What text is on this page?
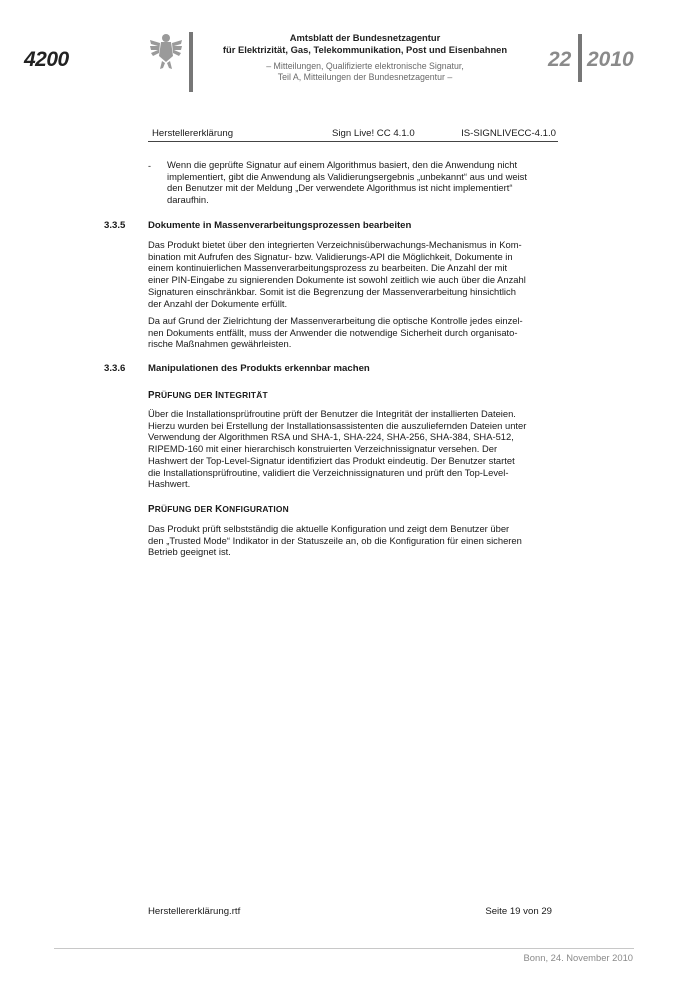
4200
Amtsblatt der Bundesnetzagentur
für Elektrizität, Gas, Telekommunikation, Post und Eisenbahnen
– Mitteilungen, Qualifizierte elektronische Signatur,
Teil A, Mitteilungen der Bundesnetzagentur –
22 2010
Herstellererklärung	Sign Live! CC 4.1.0	IS-SIGNLIVECC-4.1.0
- Wenn die geprüfte Signatur auf einem Algorithmus basiert, den die Anwendung nicht
implementiert, gibt die Anwendung als Validierungsergebnis „unbekannt“ aus und weist
den Benutzer mit der Meldung „Der verwendete Algorithmus ist nicht implementiert“
daraufhin.
3.3.5 Dokumente in Massenverarbeitungsprozessen bearbeiten
Das Produkt bietet über den integrierten Verzeichnisüberwachungs-Mechanismus in Kom-
bination mit Aufrufen des Signatur- bzw. Validierungs-API die Möglichkeit, Dokumente in
einem kontinuierlichen Massenverarbeitungsprozess zu bearbeiten. Die Anzahl der mit
einer PIN-Eingabe zu signierenden Dokumente ist sowohl zeitlich wie auch über die Anzahl
Signaturen einschränkbar. Somit ist die Begrenzung der Massenverarbeitung hinsichtlich
der Anzahl der Dokumente erfüllt.
Da auf Grund der Zielrichtung der Massenverarbeitung die optische Kontrolle jedes einzel-
nen Dokuments entfällt, muss der Anwender die notwendige Sicherheit durch organisato-
rische Maßnahmen gewährleisten.
3.3.6 Manipulationen des Produkts erkennbar machen
PRÜFUNG DER INTEGRITÄT
Über die Installationsprüfroutine prüft der Benutzer die Integrität der installierten Dateien.
Hierzu wurden bei Erstellung der Installationsassistenten die auszuliefernden Dateien unter
Verwendung der Algorithmen RSA und SHA-1, SHA-224, SHA-256, SHA-384, SHA-512,
RIPEMD-160 mit einer hierarchisch konstruierten Verzeichnissignatur versehen. Der
Hashwert der Top-Level-Signatur identifiziert das Produkt eindeutig. Der Benutzer startet
die Installationsprüfroutine, validiert die Verzeichnissignaturen und prüft den Top-Level-
Hashwert.
PRÜFUNG DER KONFIGURATION
Das Produkt prüft selbstständig die aktuelle Konfiguration und zeigt dem Benutzer über
den „Trusted Mode“ Indikator in der Statuszeile an, ob die Konfiguration für einen sicheren
Betrieb geeignet ist.
Herstellererklärung.rtf	Seite 19 von 29
Bonn, 24. November 2010
